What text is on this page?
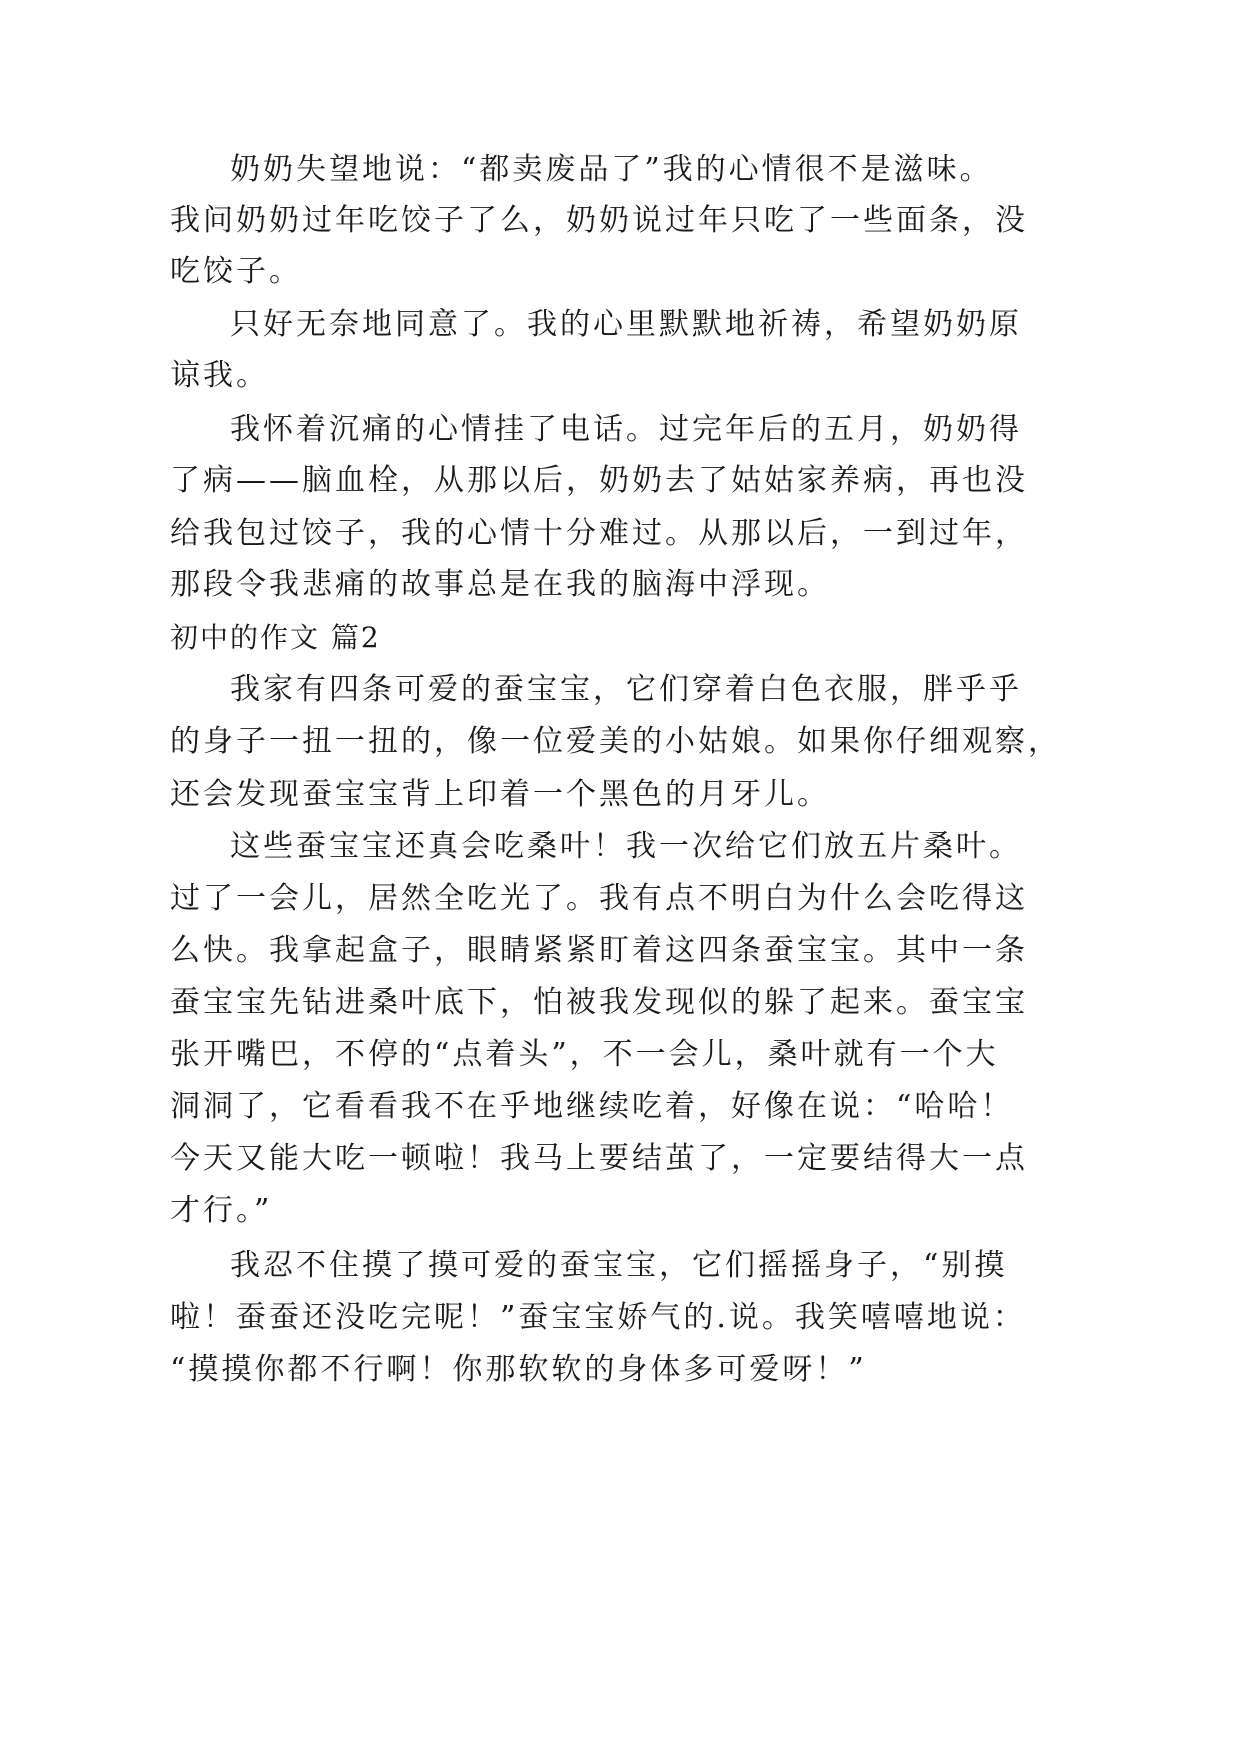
奶奶失望地说：“都卖废品了”我的心情很不是滋味。
我问奶奶过年吃饺子了么，奶奶说过年只吃了一些面条，没
吃饺子。
只好无奈地同意了。我的心里默默地祈祷，希望奶奶原
谅我。
我怀着沉痛的心情挂了电话。过完年后的五月，奶奶得
了病——脑血栓，从那以后，奶奶去了姑姑家养病，再也没
给我包过饺子，我的心情十分难过。从那以后，一到过年，
那段令我悲痛的故事总是在我的脑海中浮现。
初中的作文 篇2
我家有四条可爱的蚕宝宝，它们穿着白色衣服，胖乎乎
的身子一扭一扭的，像一位爱美的小姑娘。如果你仔细观察，
还会发现蚕宝宝背上印着一个黑色的月牙儿。
这些蚕宝宝还真会吃桑叶！我一次给它们放五片桑叶。
过了一会儿，居然全吃光了。我有点不明白为什么会吃得这
么快。我拿起盒子，眼睛紧紧盯着这四条蚕宝宝。其中一条
蚕宝宝先钻进桑叶底下，怕被我发现似的躲了起来。蚕宝宝
张开嘴巴，不停的“点着头”，不一会儿，桑叶就有一个大
洞洞了，它看看我不在乎地继续吃着，好像在说：“哈哈！
今天又能大吃一顿啦！我马上要结茧了，一定要结得大一点
才行。”
我忍不住摸了摸可爱的蚕宝宝，它们摇摇身子，“别摸
啦！蚕蚕还没吃完呢！”蚕宝宝娇气的.说。我笑嘻嘻地说：
“摸摸你都不行啊！你那软软的身体多可爱呀！”
